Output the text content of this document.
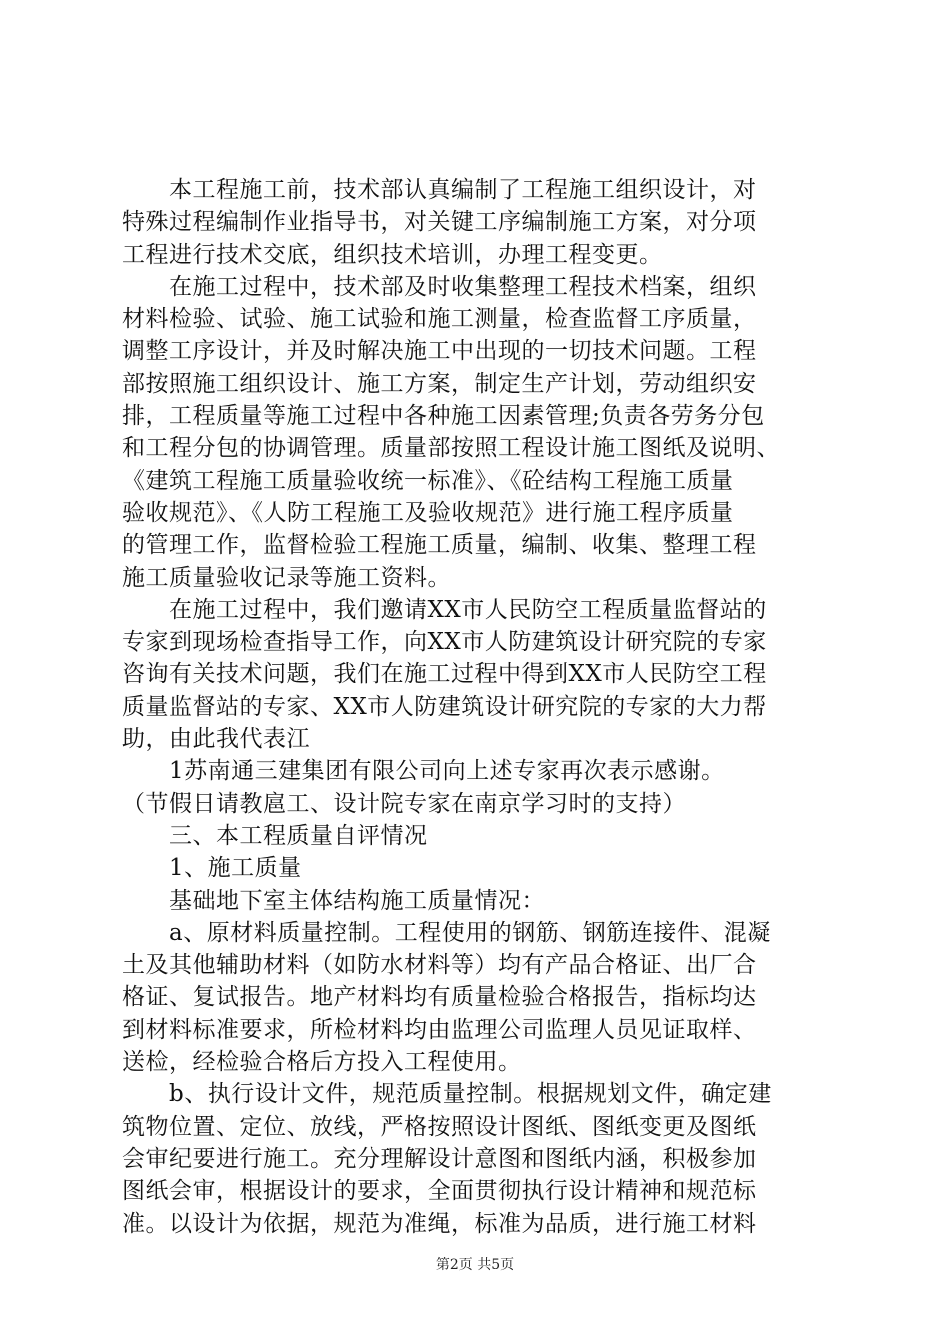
　　本工程施工前，技术部认真编制了工程施工组织设计，对
特殊过程编制作业指导书，对关键工序编制施工方案，对分项
工程进行技术交底，组织技术培训，办理工程变更。
　　在施工过程中，技术部及时收集整理工程技术档案，组织
材料检验、试验、施工试验和施工测量，检查监督工序质量，
调整工序设计，并及时解决施工中出现的一切技术问题。工程
部按照施工组织设计、施工方案，制定生产计划，劳动组织安
排，工程质量等施工过程中各种施工因素管理;负责各劳务分包
和工程分包的协调管理。质量部按照工程设计施工图纸及说明、
《建筑工程施工质量验收统一标准》、《砼结构工程施工质量
验收规范》、《人防工程施工及验收规范》进行施工程序质量
的管理工作，监督检验工程施工质量，编制、收集、整理工程
施工质量验收记录等施工资料。
　　在施工过程中，我们邀请XX市人民防空工程质量监督站的
专家到现场检查指导工作，向XX市人防建筑设计研究院的专家
咨询有关技术问题，我们在施工过程中得到XX市人民防空工程
质量监督站的专家、XX市人防建筑设计研究院的专家的大力帮
助，由此我代表江
　　1苏南通三建集团有限公司向上述专家再次表示感谢。
（节假日请教扈工、设计院专家在南京学习时的支持）
　　三、本工程质量自评情况
　　1、施工质量
　　基础地下室主体结构施工质量情况：
　　a、原材料质量控制。工程使用的钢筋、钢筋连接件、混凝
土及其他辅助材料（如防水材料等）均有产品合格证、出厂合
格证、复试报告。地产材料均有质量检验合格报告，指标均达
到材料标准要求，所检材料均由监理公司监理人员见证取样、
送检，经检验合格后方投入工程使用。
　　b、执行设计文件，规范质量控制。根据规划文件，确定建
筑物位置、定位、放线，严格按照设计图纸、图纸变更及图纸
会审纪要进行施工。充分理解设计意图和图纸内涵，积极参加
图纸会审，根据设计的要求，全面贯彻执行设计精神和规范标
准。以设计为依据，规范为准绳，标准为品质，进行施工材料
第2页 共5页
